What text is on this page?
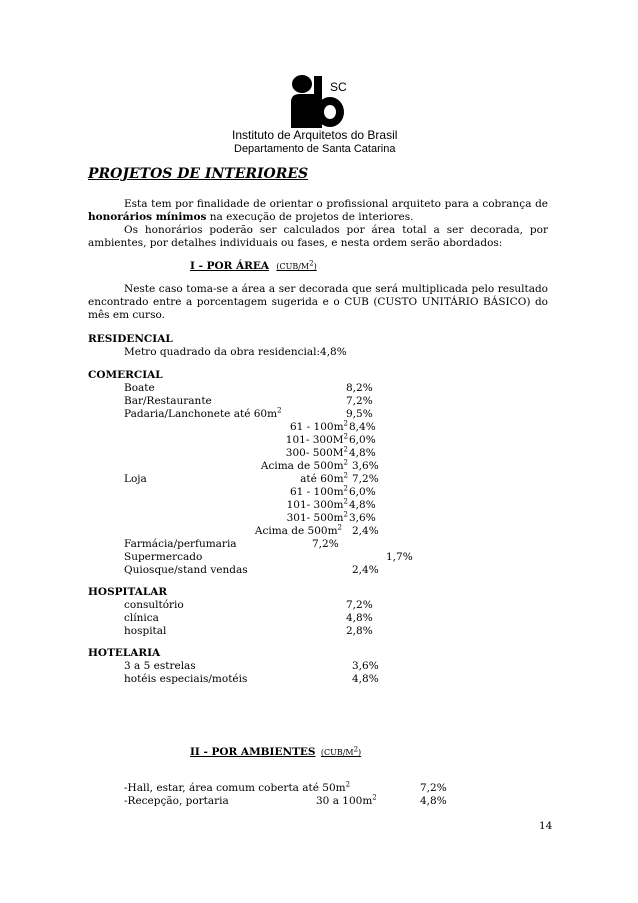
SC
Instituto de Arquitetos do Brasil
Departamento de Santa Catarina
PROJETOS DE INTERIORES

Esta tem por finalidade de orientar o profissional arquiteto para a cobrança de honorários mínimos na execução de projetos de interiores.

Os honorários poderão ser calculados por área total a ser decorada, por ambientes, por detalhes individuais ou fases, e nesta ordem serão abordados:

I - POR ÁREA (CUB/M2)

Neste caso toma-se a área a ser decorada que será multiplicada pelo resultado encontrado entre a porcentagem sugerida e o CUB (CUSTO UNITÁRIO BÁSICO) do mês em curso.

RESIDENCIAL
Metro quadrado da obra residencial:4,8%
COMERCIAL
Boate	8,2%
Bar/Restaurante	7,2%
Padaria/Lanchonete até $60m^2$	9,5%
$61 - 100m^2$ 8,4%
101- $300M^2$ 6,0%
300- $500M^2$ 4,8%
Acima de $500m^2$ 3,6%
Loja	até $60m^2$ 7,2%
$61 - 100m^2$ 6,0%
101- $300m^2$ 4,8%
301- $500m^2$ 3,6%
Acima de $500m^2$ 2,4%
Farmácia/perfumaria	7,2%
Supermercado	1,7%
Quiosque/stand vendas	2,4%
HOSPITALAR
consultório	7,2%
clínica	4,8%
hospital	2,8%
HOTELARIA
3 a 5 estrelas	3,6%
hotéis especiais/motéis	4,8%
II - POR AMBIENTES (CUB/M2)
-Hall, estar, área comum coberta até $50m^2$	7,2%
-Recepção, portaria	30 a $100m^2$	4,8%
14
